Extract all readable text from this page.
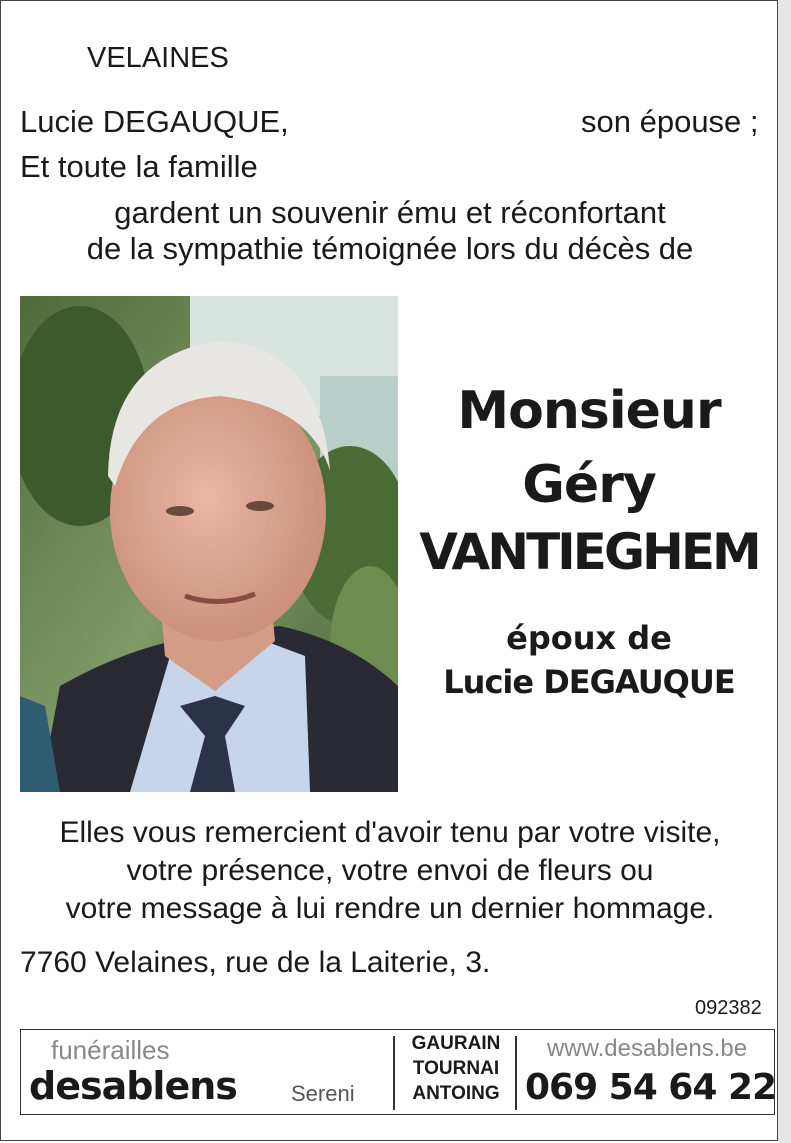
VELAINES
Lucie DEGAUQUE,	son épouse ;
Et toute la famille
gardent un souvenir ému et réconfortant
de la sympathie témoignée lors du décès de
Monsieur
Géry
VANTIEGHEM
époux de
Lucie DEGAUQUE
Elles vous remercient d'avoir tenu par votre visite,
votre présence, votre envoi de fleurs ou
votre message à lui rendre un dernier hommage.
7760 Velaines, rue de la Laiterie, 3.
092382
funérailles
desablens Sereni
GAURAIN
TOURNAI
ANTOING
www.desablens.be
069 54 64 22
